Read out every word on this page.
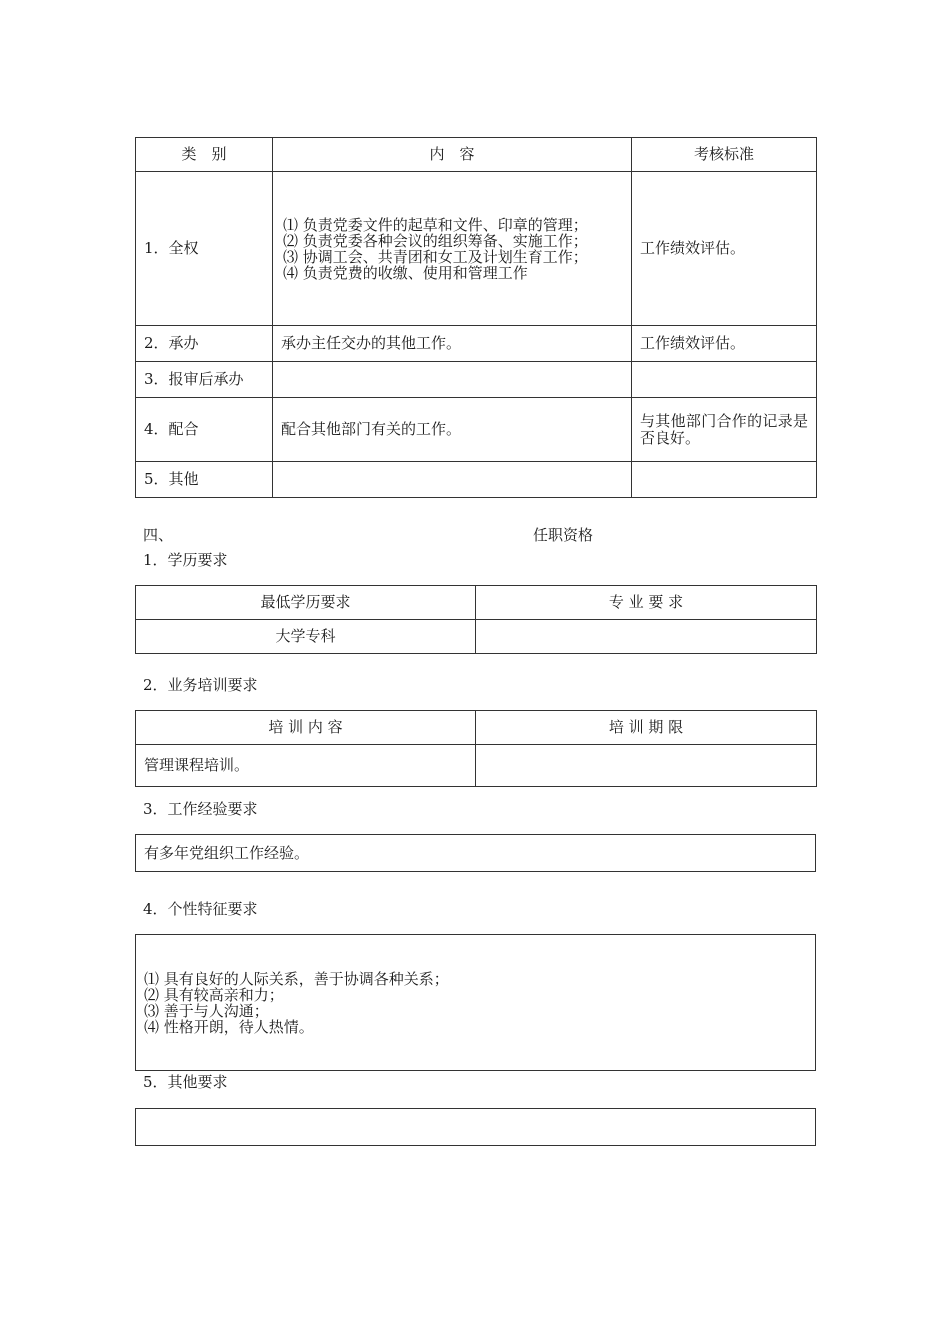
类　别	内　容	考核标准
1．全权	⑴ 负责党委文件的起草和文件、印章的管理；
⑵ 负责党委各种会议的组织筹备、实施工作；
⑶ 协调工会、共青团和女工及计划生育工作；
⑷ 负责党费的收缴、使用和管理工作	工作绩效评估。
2．承办	承办主任交办的其他工作。	工作绩效评估。
3．报审后承办		
4．配合	配合其他部门有关的工作。	与其他部门合作的记录是否良好。
5．其他		
四、	任职资格
1．学历要求
最低学历要求	专 业 要 求
大学专科	
2．业务培训要求
培 训 内 容	培 训 期 限
管理课程培训。	
3．工作经验要求
有多年党组织工作经验。
4．个性特征要求
⑴ 具有良好的人际关系，善于协调各种关系；
⑵ 具有较高亲和力；
⑶ 善于与人沟通；
⑷ 性格开朗，待人热情。
5．其他要求
